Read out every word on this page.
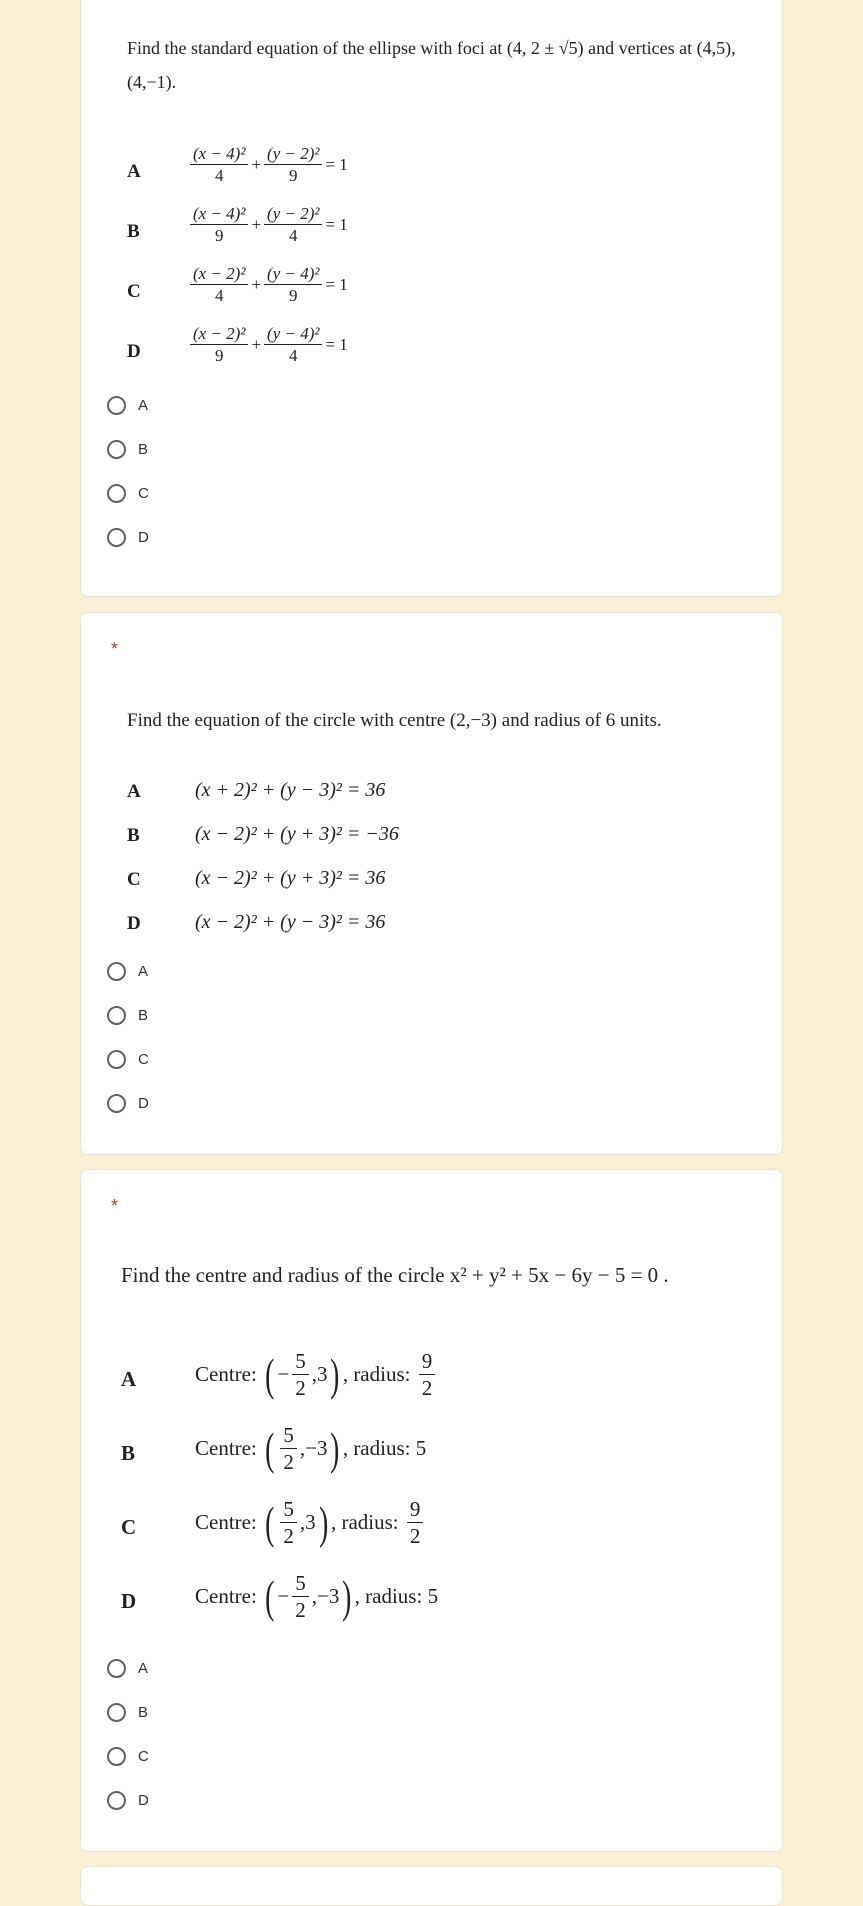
Find the standard equation of the ellipse with foci at (4, 2 ± √5) and vertices at (4,5),(4,−1).
A	$\frac{\text{(x − 4)²}}{4} + \frac{\text{(y − 2)²}}{9} = 1$
B	$\frac{\text{(x − 4)²}}{9} + \frac{\text{(y − 2)²}}{4} = 1$
C	$\frac{\text{(x − 2)²}}{4} + \frac{\text{(y − 4)²}}{9} = 1$
D	$\frac{\text{(x − 2)²}}{9} + \frac{\text{(y − 4)²}}{4} = 1$
A
B
C
D
*
Find the equation of the circle with centre (2,−3) and radius of 6 units.
A	(x + 2)² + (y − 3)² = 36
B	(x − 2)² + (y + 3)² = −36
C	(x − 2)² + (y + 3)² = 36
D	(x − 2)² + (y − 3)² = 36
A
B
C
D
*
Find the centre and radius of the circle x² + y² + 5x − 6y − 5 = 0 .
A	Centre:
( − $\frac{5}{2} ,3$ ) , radius:
$\frac{9}{2}$
B	Centre:
( $\frac{5}{2} ,-3$ ) , radius:
5
C	Centre:
( $\frac{5}{2} ,3$ ) , radius:
$\frac{9}{2}$
D	Centre:
( − $\frac{5}{2} ,-3$ ) , radius:
5
A
B
C
D
